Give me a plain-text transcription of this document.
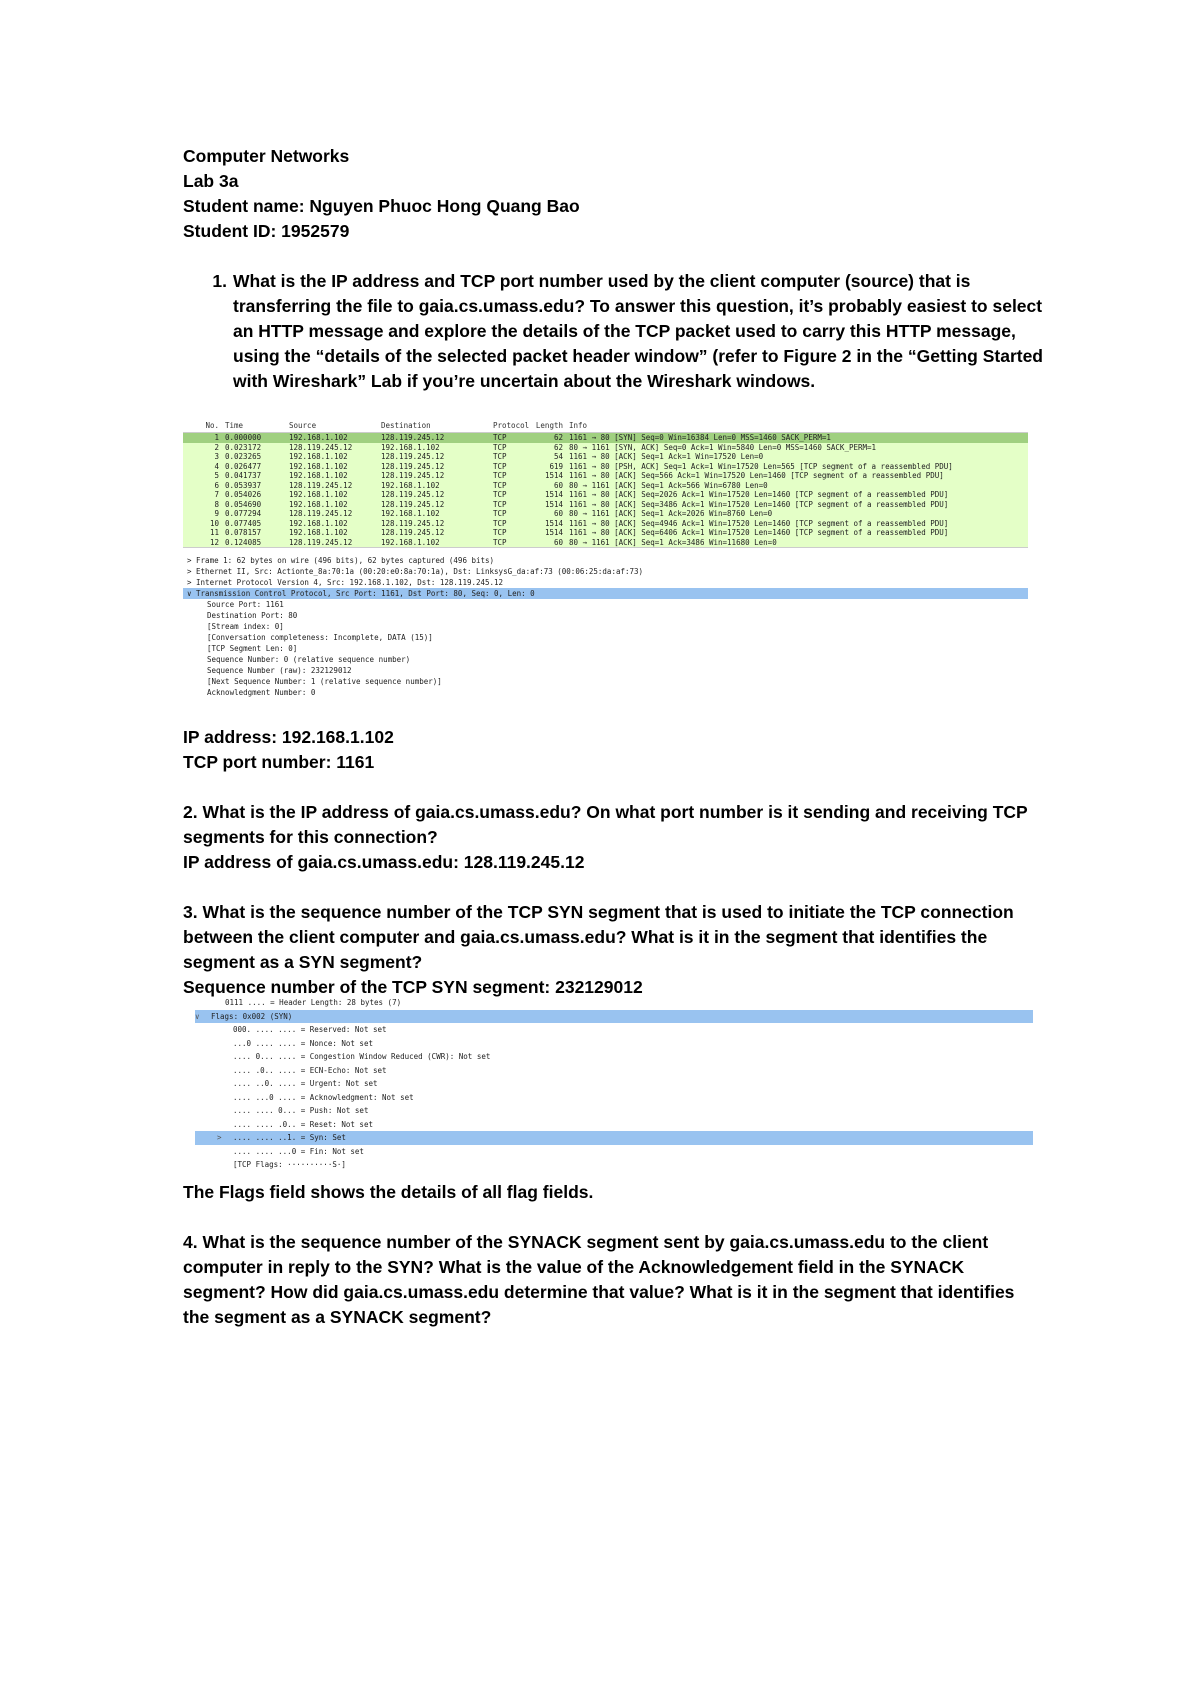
Computer Networks
Lab 3a
Student name: Nguyen Phuoc Hong Quang Bao
Student ID: 1952579
1. What is the IP address and TCP port number used by the client computer (source) that is transferring the file to gaia.cs.umass.edu? To answer this question, it’s probably easiest to select an HTTP message and explore the details of the TCP packet used to carry this HTTP message, using the “details of the selected packet header window” (refer to Figure 2 in the “Getting Started with Wireshark” Lab if you’re uncertain about the Wireshark windows.
No. Time	Source	Destination	Protocol Length Info
1 0.000000	192.168.1.102	128.119.245.12	TCP	62 1161 → 80 [SYN] Seq=0 Win=16384 Len=0 MSS=1460 SACK_PERM=1
2 0.023172	128.119.245.12	192.168.1.102	TCP	62 80 → 1161 [SYN, ACK] Seq=0 Ack=1 Win=5840 Len=0 MSS=1460 SACK_PERM=1
3 0.023265	192.168.1.102	128.119.245.12	TCP	54 1161 → 80 [ACK] Seq=1 Ack=1 Win=17520 Len=0
4 0.026477	192.168.1.102	128.119.245.12	TCP	619 1161 → 80 [PSH, ACK] Seq=1 Ack=1 Win=17520 Len=565 [TCP segment of a reassembled PDU]
5 0.041737	192.168.1.102	128.119.245.12	TCP	1514 1161 → 80 [ACK] Seq=566 Ack=1 Win=17520 Len=1460 [TCP segment of a reassembled PDU]
6 0.053937	128.119.245.12	192.168.1.102	TCP	60 80 → 1161 [ACK] Seq=1 Ack=566 Win=6780 Len=0
7 0.054026	192.168.1.102	128.119.245.12	TCP	1514 1161 → 80 [ACK] Seq=2026 Ack=1 Win=17520 Len=1460 [TCP segment of a reassembled PDU]
8 0.054690	192.168.1.102	128.119.245.12	TCP	1514 1161 → 80 [ACK] Seq=3486 Ack=1 Win=17520 Len=1460 [TCP segment of a reassembled PDU]
9 0.077294	128.119.245.12	192.168.1.102	TCP	60 80 → 1161 [ACK] Seq=1 Ack=2026 Win=8760 Len=0
10 0.077405	192.168.1.102	128.119.245.12	TCP	1514 1161 → 80 [ACK] Seq=4946 Ack=1 Win=17520 Len=1460 [TCP segment of a reassembled PDU]
11 0.078157	192.168.1.102	128.119.245.12	TCP	1514 1161 → 80 [ACK] Seq=6406 Ack=1 Win=17520 Len=1460 [TCP segment of a reassembled PDU]
12 0.124085	128.119.245.12	192.168.1.102	TCP	60 80 → 1161 [ACK] Seq=1 Ack=3486 Win=11680 Len=0
> Frame 1: 62 bytes on wire (496 bits), 62 bytes captured (496 bits)
> Ethernet II, Src: Actionte_8a:70:1a (00:20:e0:8a:70:1a), Dst: LinksysG_da:af:73 (00:06:25:da:af:73)
> Internet Protocol Version 4, Src: 192.168.1.102, Dst: 128.119.245.12
∨ Transmission Control Protocol, Src Port: 1161, Dst Port: 80, Seq: 0, Len: 0
Source Port: 1161
Destination Port: 80
[Stream index: 0]
[Conversation completeness: Incomplete, DATA (15)]
[TCP Segment Len: 0]
Sequence Number: 0 (relative sequence number)
Sequence Number (raw): 232129012
[Next Sequence Number: 1 (relative sequence number)]
Acknowledgment Number: 0
IP address: 192.168.1.102
TCP port number: 1161
2. What is the IP address of gaia.cs.umass.edu? On what port number is it sending and receiving TCP
segments for this connection?
IP address of gaia.cs.umass.edu: 128.119.245.12
3. What is the sequence number of the TCP SYN segment that is used to initiate the TCP connection
between the client computer and gaia.cs.umass.edu? What is it in the segment that identifies the
segment as a SYN segment?
Sequence number of the TCP SYN segment: 232129012
0111 .... = Header Length: 28 bytes (7)
∨ Flags: 0x002 (SYN)
000. .... .... = Reserved: Not set
...0 .... .... = Nonce: Not set
.... 0... .... = Congestion Window Reduced (CWR): Not set
.... .0.. .... = ECN-Echo: Not set
.... ..0. .... = Urgent: Not set
.... ...0 .... = Acknowledgment: Not set
.... .... 0... = Push: Not set
.... .... .0.. = Reset: Not set
> .... .... ..1. = Syn: Set
.... .... ...0 = Fin: Not set
[TCP Flags: ··········S·]
The Flags field shows the details of all flag fields.
4. What is the sequence number of the SYNACK segment sent by gaia.cs.umass.edu to the client
computer in reply to the SYN? What is the value of the Acknowledgement field in the SYNACK
segment? How did gaia.cs.umass.edu determine that value? What is it in the segment that identifies
the segment as a SYNACK segment?
